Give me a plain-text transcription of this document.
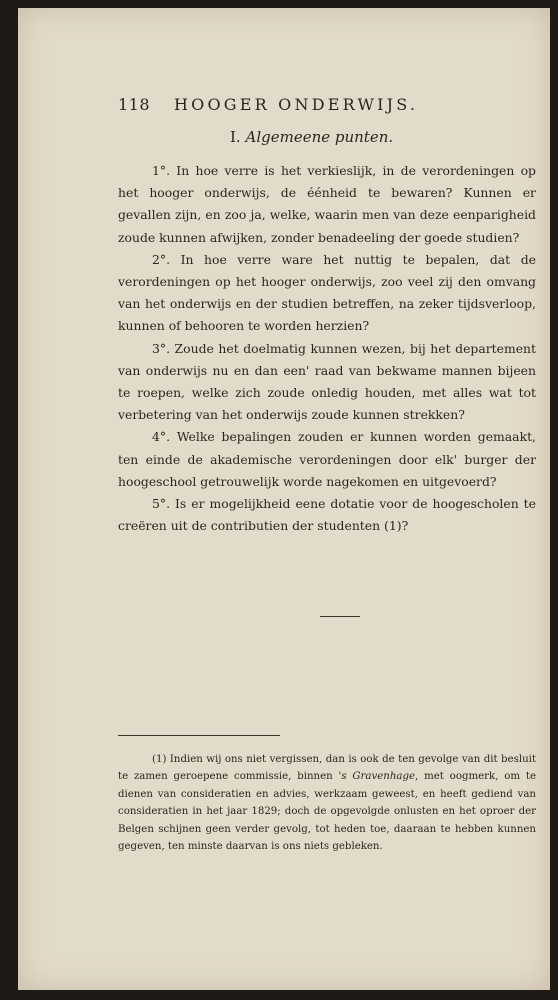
118 HOOGER ONDERWIJS.
I. Algemeene punten.

1°. In hoe verre is het verkieslijk, in de verordeningen op het hooger onderwijs, de éénheid te bewaren? Kunnen er gevallen zijn, en zoo ja, welke, waarin men van deze eenparigheid zoude kunnen afwijken, zonder benadeeling der goede studien?

2°. In hoe verre ware het nuttig te bepalen, dat de verordeningen op het hooger onderwijs, zoo veel zij den omvang van het onderwijs en der studien betreffen, na zeker tijdsverloop, kunnen of behooren te worden herzien?

3°. Zoude het doelmatig kunnen wezen, bij het departement van onderwijs nu en dan een' raad van bekwame mannen bijeen te roepen, welke zich zoude onledig houden, met alles wat tot verbetering van het onderwijs zoude kunnen strekken?

4°. Welke bepalingen zouden er kunnen worden gemaakt, ten einde de akademische verordeningen door elk' burger der hoogeschool getrouwelijk worde nagekomen en uitgevoerd?

5°. Is er mogelijkheid eene dotatie voor de hoogescholen te creëren uit de contributien der studenten (1)?

(1) Indien wij ons niet vergissen, dan is ook de ten gevolge van dit besluit te zamen geroepene commissie, binnen 's Gravenhage, met oogmerk, om te dienen van consideratien en advies, werkzaam geweest, en heeft gediend van consideratien in het jaar 1829; doch de opgevolgde onlusten en het oproer der Belgen schijnen geen verder gevolg, tot heden toe, daaraan te hebben kunnen gegeven, ten minste daarvan is ons niets gebleken.
